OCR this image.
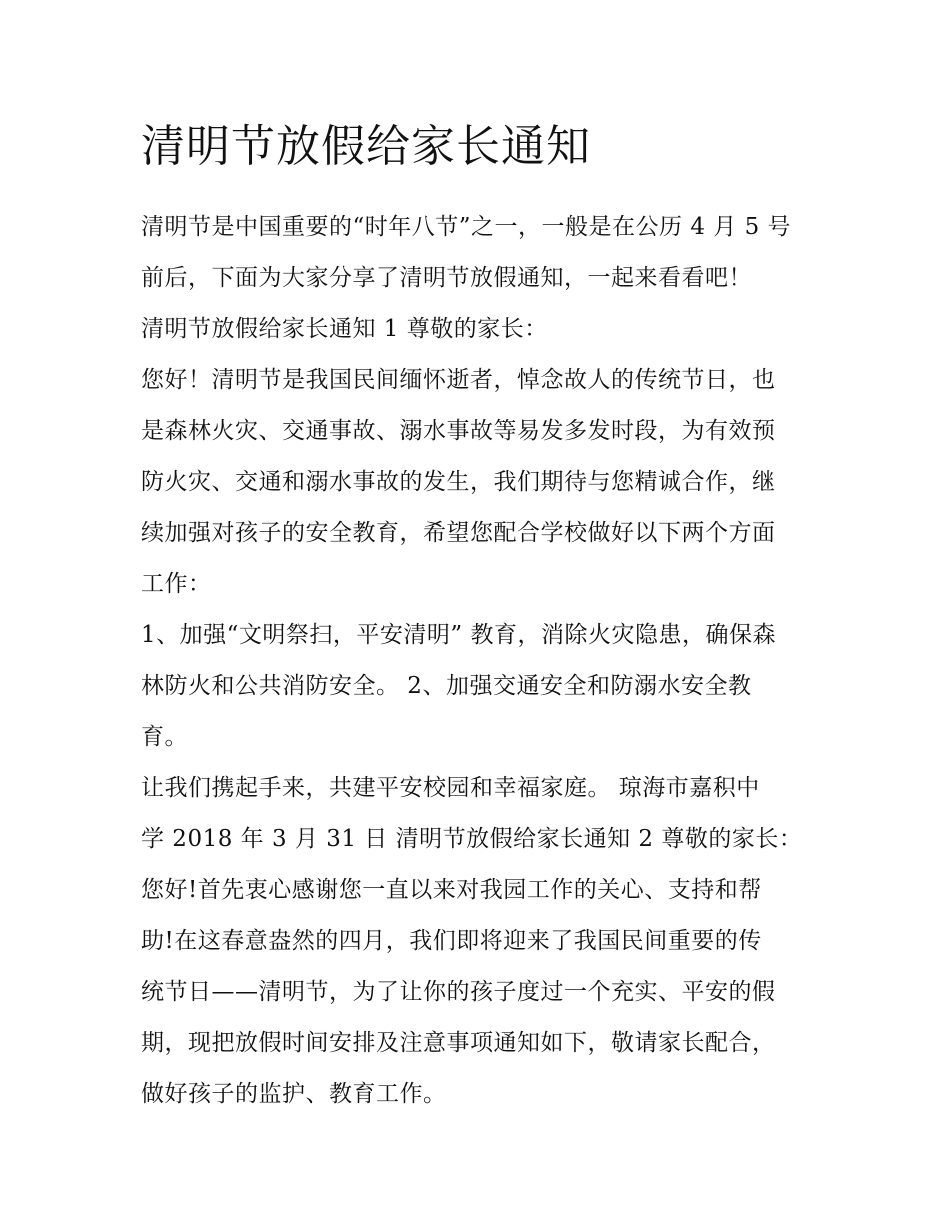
清明节放假给家长通知
清明节是中国重要的“时年八节”之一，一般是在公历 4 月 5 号
前后，下面为大家分享了清明节放假通知，一起来看看吧！
清明节放假给家长通知 1 尊敬的家长：
您好！清明节是我国民间缅怀逝者，悼念故人的传统节日，也
是森林火灾、交通事故、溺水事故等易发多发时段，为有效预
防火灾、交通和溺水事故的发生，我们期待与您精诚合作，继
续加强对孩子的安全教育，希望您配合学校做好以下两个方面
工作：
1、加强“文明祭扫，平安清明” 教育，消除火灾隐患，确保森
林防火和公共消防安全。 2、加强交通安全和防溺水安全教
育。
让我们携起手来，共建平安校园和幸福家庭。 琼海市嘉积中
学 2018 年 3 月 31 日 清明节放假给家长通知 2 尊敬的家长：
您好!首先衷心感谢您一直以来对我园工作的关心、支持和帮
助!在这春意盎然的四月，我们即将迎来了我国民间重要的传
统节日——清明节，为了让你的孩子度过一个充实、平安的假
期，现把放假时间安排及注意事项通知如下，敬请家长配合，
做好孩子的监护、教育工作。
